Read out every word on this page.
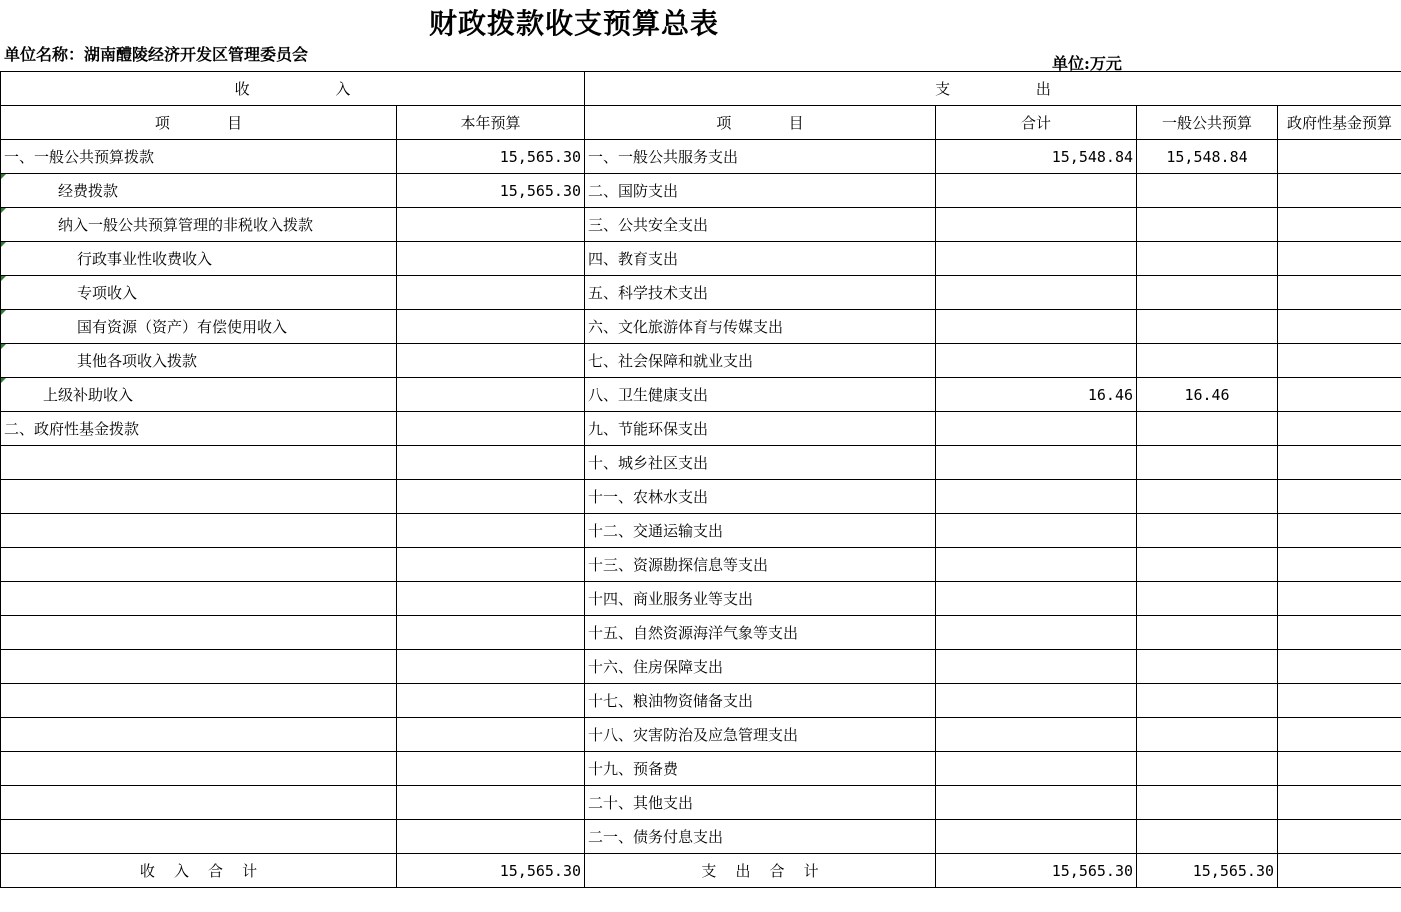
财政拨款收支预算总表
单位名称：湖南醴陵经济开发区管理委员会	单位:万元
收                  入		支                  出			
项            目	本年预算	项            目	合计	一般公共预算	政府性基金预算
一、一般公共预算拨款	15,565.30	一、一般公共服务支出	15,548.84	15,548.84	
经费拨款	15,565.30	二、国防支出			
纳入一般公共预算管理的非税收入拨款		三、公共安全支出			
行政事业性收费收入		四、教育支出			
专项收入		五、科学技术支出			
国有资源（资产）有偿使用收入		六、文化旅游体育与传媒支出			
其他各项收入拨款		七、社会保障和就业支出			
上级补助收入		八、卫生健康支出	16.46	16.46	
二、政府性基金拨款		九、节能环保支出			
		十、城乡社区支出			
		十一、农林水支出			
		十二、交通运输支出			
		十三、资源勘探信息等支出			
		十四、商业服务业等支出			
		十五、自然资源海洋气象等支出			
		十六、住房保障支出			
		十七、粮油物资储备支出			
		十八、灾害防治及应急管理支出			
		十九、预备费			
		二十、其他支出			
		二一、债务付息支出			
收    入    合    计	15,565.30	支    出    合    计	15,565.30	15,565.30	
